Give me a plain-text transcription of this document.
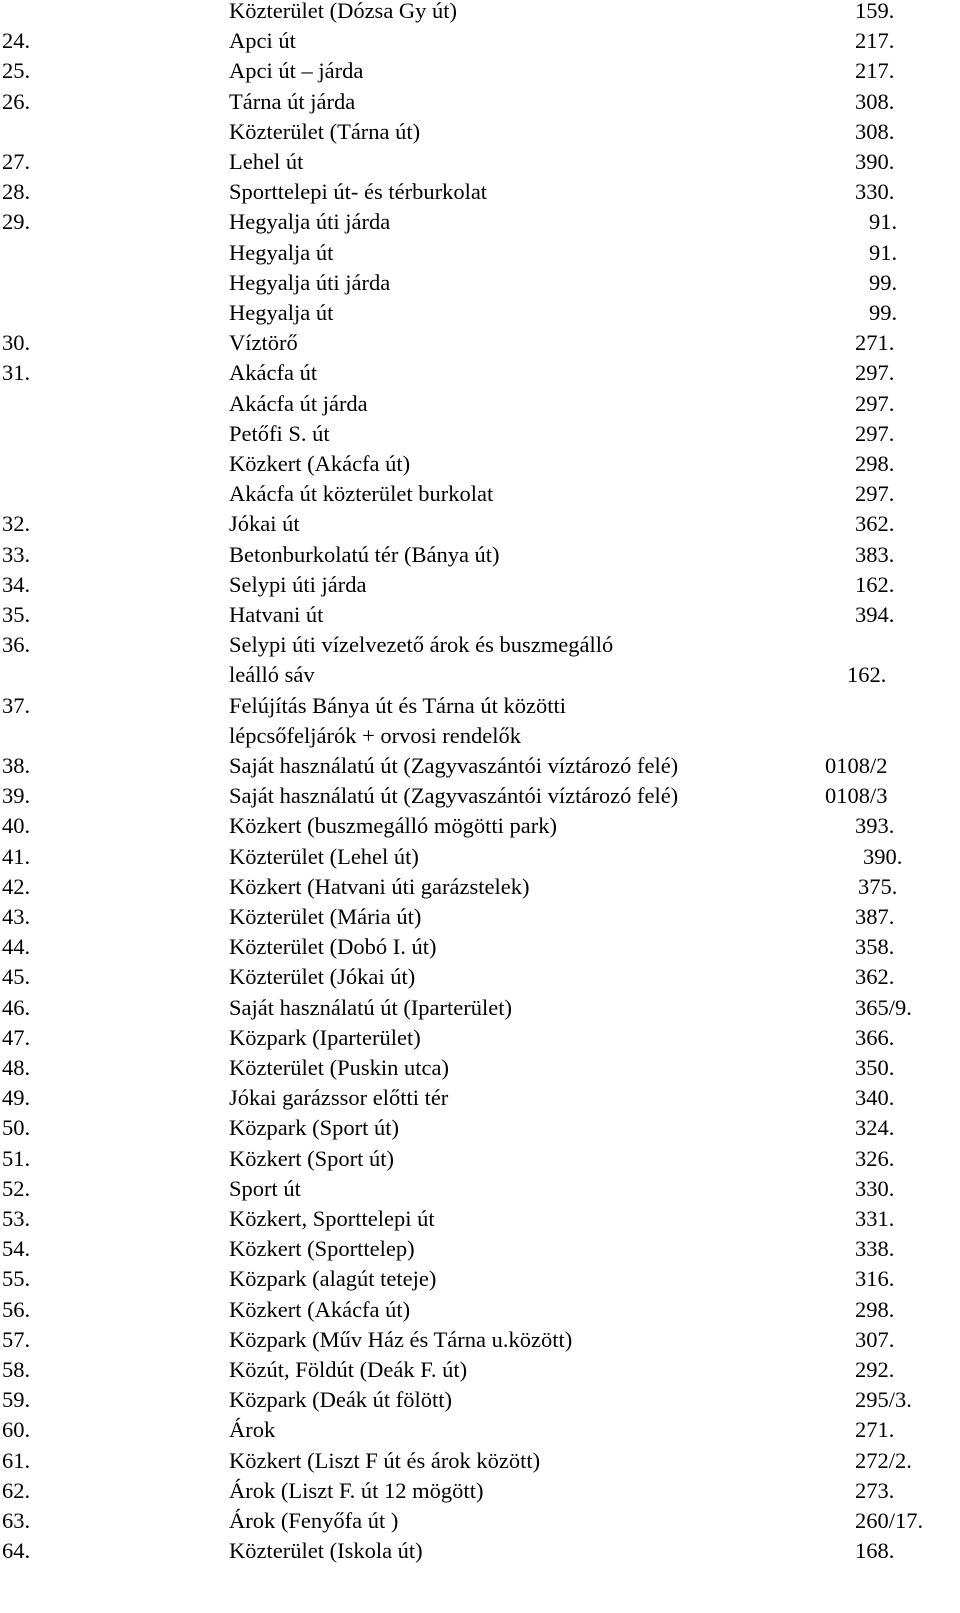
Közterület (Dózsa Gy út)	159.
24.	Apci út	217.
25.	Apci út – járda	217.
26.	Tárna út járda	308.
Közterület (Tárna út)	308.
27.	Lehel út	390.
28.	Sporttelepi út- és térburkolat	330.
29.	Hegyalja úti járda	91.
Hegyalja út	91.
Hegyalja úti járda	99.
Hegyalja út	99.
30.	Víztörő	271.
31.	Akácfa út	297.
Akácfa út járda	297.
Petőfi S. út	297.
Közkert (Akácfa út)	298.
Akácfa út közterület burkolat	297.
32.	Jókai út	362.
33.	Betonburkolatú tér (Bánya út)	383.
34.	Selypi úti járda	162.
35.	Hatvani út	394.
36.	Selypi úti vízelvezető árok és buszmegálló
leálló sáv	162.
37.	Felújítás Bánya út és Tárna út közötti
lépcsőfeljárók + orvosi rendelők
38.	Saját használatú út (Zagyvaszántói víztározó felé)	0108/2
39.	Saját használatú út (Zagyvaszántói víztározó felé)	0108/3
40.	Közkert (buszmegálló mögötti park)	393.
41.	Közterület (Lehel út)	390.
42.	Közkert (Hatvani úti garázstelek)	375.
43.	Közterület (Mária út)	387.
44.	Közterület (Dobó I. út)	358.
45.	Közterület (Jókai út)	362.
46.	Saját használatú út (Iparterület)	365/9.
47.	Közpark (Iparterület)	366.
48.	Közterület (Puskin utca)	350.
49.	Jókai garázssor előtti tér	340.
50.	Közpark (Sport út)	324.
51.	Közkert (Sport út)	326.
52.	Sport út	330.
53.	Közkert, Sporttelepi út	331.
54.	Közkert (Sporttelep)	338.
55.	Közpark (alagút teteje)	316.
56.	Közkert (Akácfa út)	298.
57.	Közpark (Műv Ház és Tárna u.között)	307.
58.	Közút, Földút (Deák F. út)	292.
59.	Közpark (Deák út fölött)	295/3.
60.	Árok	271.
61.	Közkert (Liszt F út és árok között)	272/2.
62.	Árok (Liszt F. út 12 mögött)	273.
63.	Árok (Fenyőfa út )	260/17.
64.	Közterület (Iskola út)	168.
